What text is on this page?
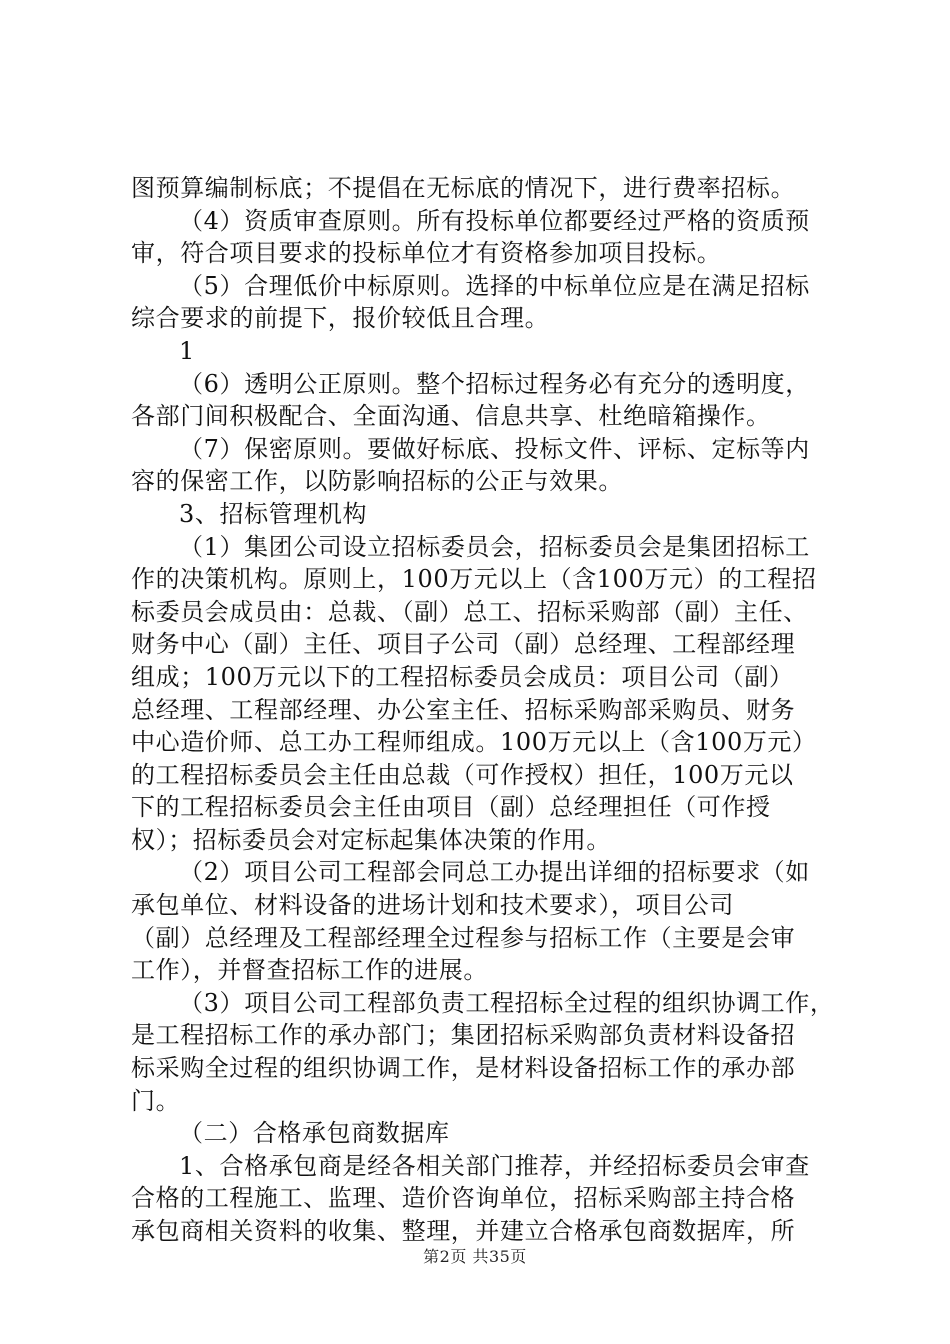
图预算编制标底；不提倡在无标底的情况下，进行费率招标。
（4）资质审查原则。所有投标单位都要经过严格的资质预
审，符合项目要求的投标单位才有资格参加项目投标。
（5）合理低价中标原则。选择的中标单位应是在满足招标
综合要求的前提下，报价较低且合理。
1
（6）透明公正原则。整个招标过程务必有充分的透明度，
各部门间积极配合、全面沟通、信息共享、杜绝暗箱操作。
（7）保密原则。要做好标底、投标文件、评标、定标等内
容的保密工作，以防影响招标的公正与效果。
3、招标管理机构
（1）集团公司设立招标委员会，招标委员会是集团招标工
作的决策机构。原则上，100万元以上（含100万元）的工程招
标委员会成员由：总裁、（副）总工、招标采购部（副）主任、
财务中心（副）主任、项目子公司（副）总经理、工程部经理
组成；100万元以下的工程招标委员会成员：项目公司（副）
总经理、工程部经理、办公室主任、招标采购部采购员、财务
中心造价师、总工办工程师组成。100万元以上（含100万元）
的工程招标委员会主任由总裁（可作授权）担任，100万元以
下的工程招标委员会主任由项目（副）总经理担任（可作授
权）；招标委员会对定标起集体决策的作用。
（2）项目公司工程部会同总工办提出详细的招标要求（如
承包单位、材料设备的进场计划和技术要求），项目公司
（副）总经理及工程部经理全过程参与招标工作（主要是会审
工作），并督查招标工作的进展。
（3）项目公司工程部负责工程招标全过程的组织协调工作，
是工程招标工作的承办部门；集团招标采购部负责材料设备招
标采购全过程的组织协调工作，是材料设备招标工作的承办部
门。
（二）合格承包商数据库
1、合格承包商是经各相关部门推荐，并经招标委员会审查
合格的工程施工、监理、造价咨询单位，招标采购部主持合格
承包商相关资料的收集、整理，并建立合格承包商数据库，所
第2页 共35页
